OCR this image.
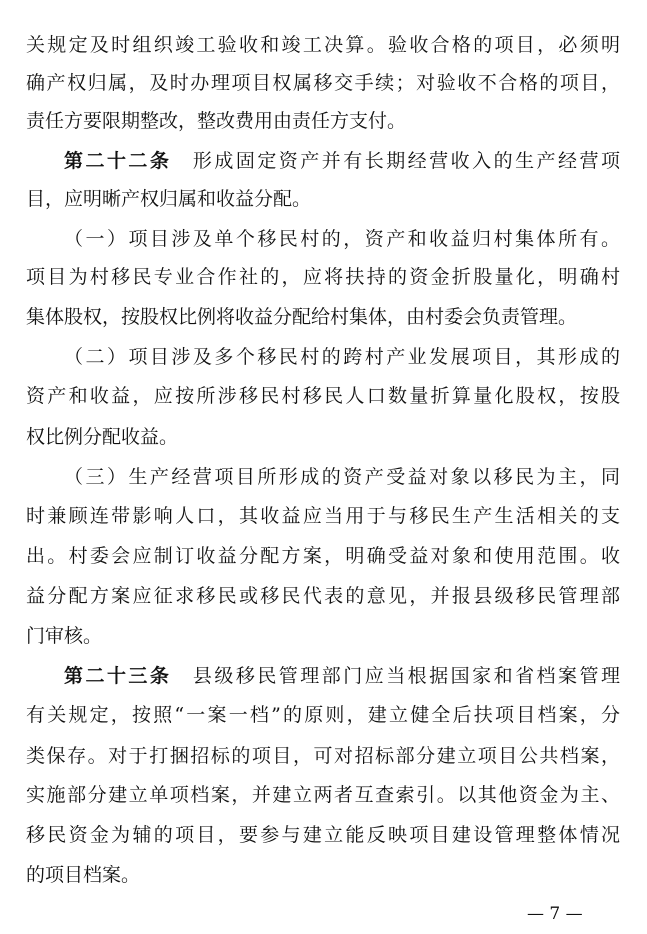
关规定及时组织竣工验收和竣工决算。验收合格的项目，必须明
确产权归属，及时办理项目权属移交手续；对验收不合格的项目，
责任方要限期整改，整改费用由责任方支付。
第二十二条　 形成固定资产并有长期经营收入的生产经营项
目，应明晰产权归属和收益分配。
（一）项目涉及单个移民村的，资产和收益归村集体所有。
项目为村移民专业合作社的，应将扶持的资金折股量化，明确村
集体股权，按股权比例将收益分配给村集体，由村委会负责管理。
（二）项目涉及多个移民村的跨村产业发展项目，其形成的
资产和收益，应按所涉移民村移民人口数量折算量化股权，按股
权比例分配收益。
（三）生产经营项目所形成的资产受益对象以移民为主，同
时兼顾连带影响人口，其收益应当用于与移民生产生活相关的支
出。村委会应制订收益分配方案，明确受益对象和使用范围。收
益分配方案应征求移民或移民代表的意见，并报县级移民管理部
门审核。
第二十三条　 县级移民管理部门应当根据国家和省档案管理
有关规定，按照“一案一档”的原则，建立健全后扶项目档案，分
类保存。对于打捆招标的项目，可对招标部分建立项目公共档案，
实施部分建立单项档案，并建立两者互查索引。以其他资金为主、
移民资金为辅的项目，要参与建立能反映项目建设管理整体情况
的项目档案。
— 7 —
